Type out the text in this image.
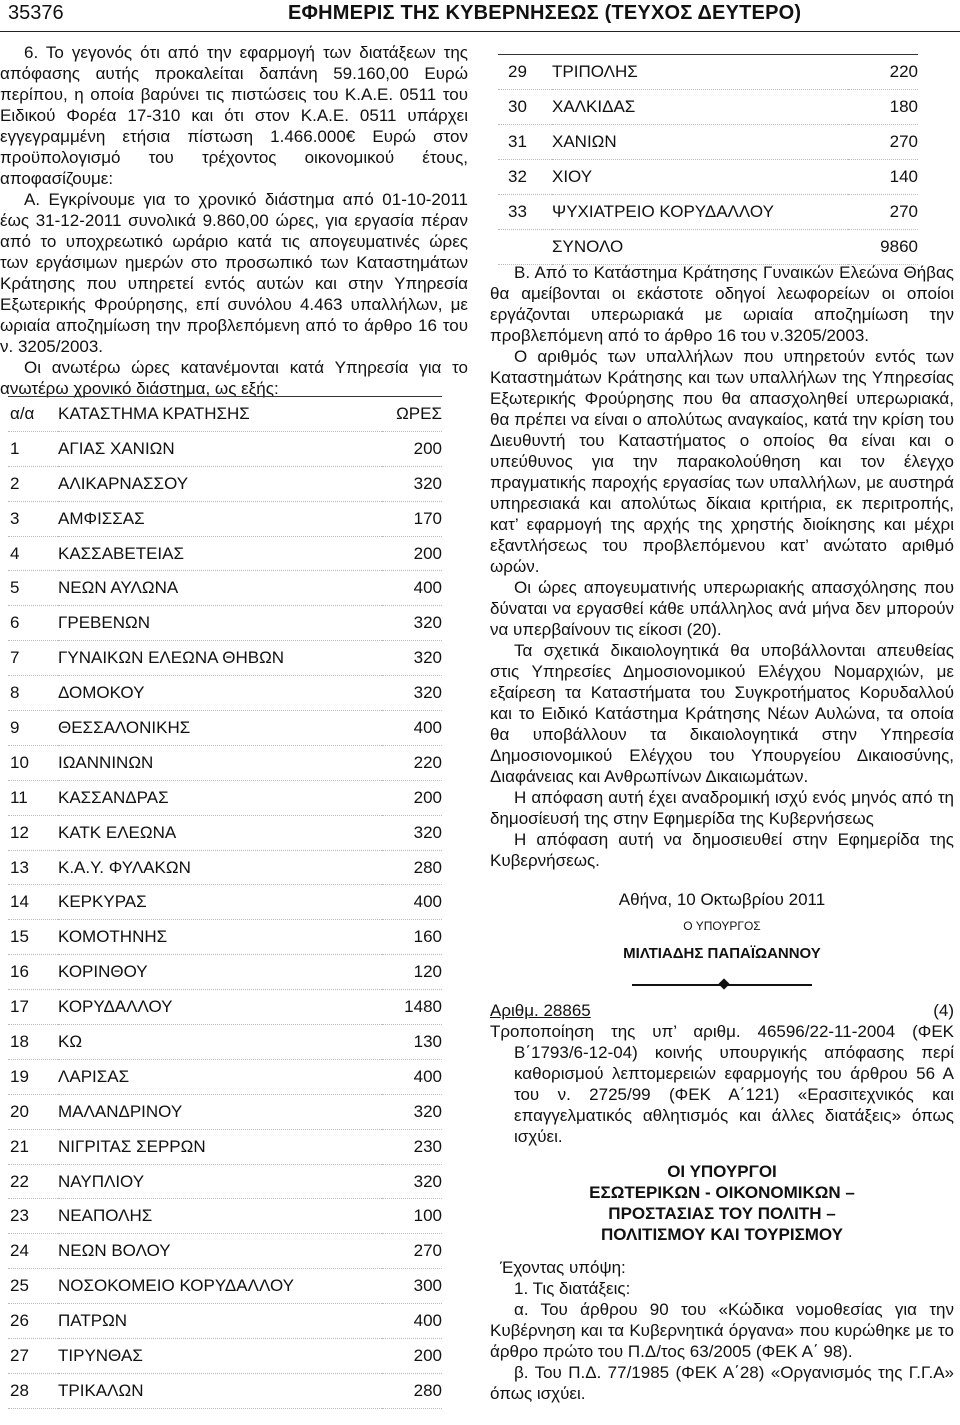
35376	ΕΦΗΜΕΡΙΣ ΤΗΣ ΚΥΒΕΡΝΗΣΕΩΣ (ΤΕΥΧΟΣ ΔΕΥΤΕΡΟ)

6. Το γεγονός ότι από την εφαρμογή των διατάξεων της απόφασης αυτής προκαλείται δαπάνη 59.160,00 Ευρώ περίπου, η οποία βαρύνει τις πιστώσεις του Κ.Α.Ε. 0511 του Ειδικού Φορέα 17-310 και ότι στον Κ.Α.Ε. 0511 υπάρχει εγγεγραμμένη ετήσια πίστωση 1.466.000€ Ευρώ στον προϋπολογισμό του τρέχοντος οικονομικού έτους, αποφασίζουμε:

Α. Εγκρίνουμε για το χρονικό διάστημα από 01-10-2011 έως 31-12-2011 συνολικά 9.860,00 ώρες, για εργασία πέραν από το υποχρεωτικό ωράριο κατά τις απογευματινές ώρες των εργάσιμων ημερών στο προσωπικό των Καταστημάτων Κράτησης που υπηρετεί εντός αυτών και στην Υπηρεσία Εξωτερικής Φρούρησης, επί συνόλου 4.463 υπαλλήλων, με ωριαία αποζημίωση την προβλεπόμενη από το άρθρο 16 του ν. 3205/2003.

Οι ανωτέρω ώρες κατανέμονται κατά Υπηρεσία για το ανωτέρω χρονικό διάστημα, ως εξής:

α/α	ΚΑΤΑΣΤΗΜΑ ΚΡΑΤΗΣΗΣ	ΩΡΕΣ
1	ΑΓΙΑΣ ΧΑΝΙΩΝ	200
2	ΑΛΙΚΑΡΝΑΣΣΟΥ	320
3	ΑΜΦΙΣΣΑΣ	170
4	ΚΑΣΣΑΒΕΤΕΙΑΣ	200
5	ΝΕΩΝ ΑΥΛΩΝΑ	400
6	ΓΡΕΒΕΝΩΝ	320
7	ΓΥΝΑΙΚΩΝ ΕΛΕΩΝΑ ΘΗΒΩΝ	320
8	ΔΟΜΟΚΟΥ	320
9	ΘΕΣΣΑΛΟΝΙΚΗΣ	400
10	ΙΩΑΝΝΙΝΩΝ	220
11	ΚΑΣΣΑΝΔΡΑΣ	200
12	ΚΑΤΚ ΕΛΕΩΝΑ	320
13	Κ.Α.Υ. ΦΥΛΑΚΩΝ	280
14	ΚΕΡΚΥΡΑΣ	400
15	ΚΟΜΟΤΗΝΗΣ	160
16	ΚΟΡΙΝΘΟΥ	120
17	ΚΟΡΥΔΑΛΛΟΥ	1480
18	ΚΩ	130
19	ΛΑΡΙΣΑΣ	400
20	ΜΑΛΑΝΔΡΙΝΟΥ	320
21	ΝΙΓΡΙΤΑΣ ΣΕΡΡΩΝ	230
22	ΝΑΥΠΛΙΟΥ	320
23	ΝΕΑΠΟΛΗΣ	100
24	ΝΕΩΝ ΒΟΛΟΥ	270
25	ΝΟΣΟΚΟΜΕΙΟ ΚΟΡΥΔΑΛΛΟΥ	300
26	ΠΑΤΡΩΝ	400
27	ΤΙΡΥΝΘΑΣ	200
28	ΤΡΙΚΑΛΩΝ	280
29	ΤΡΙΠΟΛΗΣ	220
30	ΧΑΛΚΙΔΑΣ	180
31	ΧΑΝΙΩΝ	270
32	ΧΙΟΥ	140
33	ΨΥΧΙΑΤΡΕΙΟ ΚΟΡΥΔΑΛΛΟΥ	270
	ΣΥΝΟΛΟ	9860

Β. Από το Κατάστημα Κράτησης Γυναικών Ελεώνα Θήβας θα αμείβονται οι εκάστοτε οδηγοί λεωφορείων οι οποίοι εργάζονται υπερωριακά με ωριαία αποζημίωση την προβλεπόμενη από το άρθρο 16 του ν.3205/2003.

Ο αριθμός των υπαλλήλων που υπηρετούν εντός των Καταστημάτων Κράτησης και των υπαλλήλων της Υπηρεσίας Εξωτερικής Φρούρησης που θα απασχοληθεί υπερωριακά, θα πρέπει να είναι ο απολύτως αναγκαίος, κατά την κρίση του Διευθυντή του Καταστήματος ο οποίος θα είναι και ο υπεύθυνος για την παρακολούθηση και τον έλεγχο πραγματικής παροχής εργασίας των υπαλλήλων, με αυστηρά υπηρεσιακά και απολύτως δίκαια κριτήρια, εκ περιτροπής, κατ’ εφαρμογή της αρχής της χρηστής διοίκησης και μέχρι εξαντλήσεως του προβλεπόμενου κατ’ ανώτατο αριθμό ωρών.

Οι ώρες απογευματινής υπερωριακής απασχόλησης που δύναται να εργασθεί κάθε υπάλληλος ανά μήνα δεν μπορούν να υπερβαίνουν τις είκοσι (20).

Τα σχετικά δικαιολογητικά θα υποβάλλονται απευθείας στις Υπηρεσίες Δημοσιονομικού Ελέγχου Νομαρχιών, με εξαίρεση τα Καταστήματα του Συγκροτήματος Κορυδαλλού και το Ειδικό Κατάστημα Κράτησης Νέων Αυλώνα, τα οποία θα υποβάλλουν τα δικαιολογητικά στην Υπηρεσία Δημοσιονομικού Ελέγχου του Υπουργείου Δικαιοσύνης, Διαφάνειας και Ανθρωπίνων Δικαιωμάτων.

Η απόφαση αυτή έχει αναδρομική ισχύ ενός μηνός από τη δημοσίευσή της στην Εφημερίδα της Κυβερνήσεως

Η απόφαση αυτή να δημοσιευθεί στην Εφημερίδα της Κυβερνήσεως.

Αθήνα, 10 Οκτωβρίου 2011

Ο ΥΠΟΥΡΓΟΣ

ΜΙΛΤΙΑΔΗΣ ΠΑΠΑΪΩΑΝΝΟΥ

Αριθμ. 28865	(4)

Τροποποίηση της υπ’ αριθμ. 46596/22-11-2004 (ΦΕΚ Β΄1793/6-12-04) κοινής υπουργικής απόφασης περί καθορισμού λεπτομερειών εφαρμογής του άρθρου 56 Α του ν. 2725/99 (ΦΕΚ Α΄121) «Ερασιτεχνικός και επαγγελματικός αθλητισμός και άλλες διατάξεις» όπως ισχύει.

ΟΙ ΥΠΟΥΡΓΟΙ

ΕΣΩΤΕΡΙΚΩΝ - ΟΙΚΟΝΟΜΙΚΩΝ –

ΠΡΟΣΤΑΣΙΑΣ ΤΟΥ ΠΟΛΙΤΗ –

ΠΟΛΙΤΙΣΜΟΥ ΚΑΙ ΤΟΥΡΙΣΜΟΥ

Έχοντας υπόψη:

1. Τις διατάξεις:

α. Του άρθρου 90 του «Κώδικα νομοθεσίας για την Κυβέρνηση και τα Κυβερνητικά όργανα» που κυρώθηκε με το άρθρο πρώτο του Π.Δ/τος 63/2005 (ΦΕΚ Α΄ 98).

β. Του Π.Δ. 77/1985 (ΦΕΚ Α΄28) «Οργανισμός της Γ.Γ.Α» όπως ισχύει.
